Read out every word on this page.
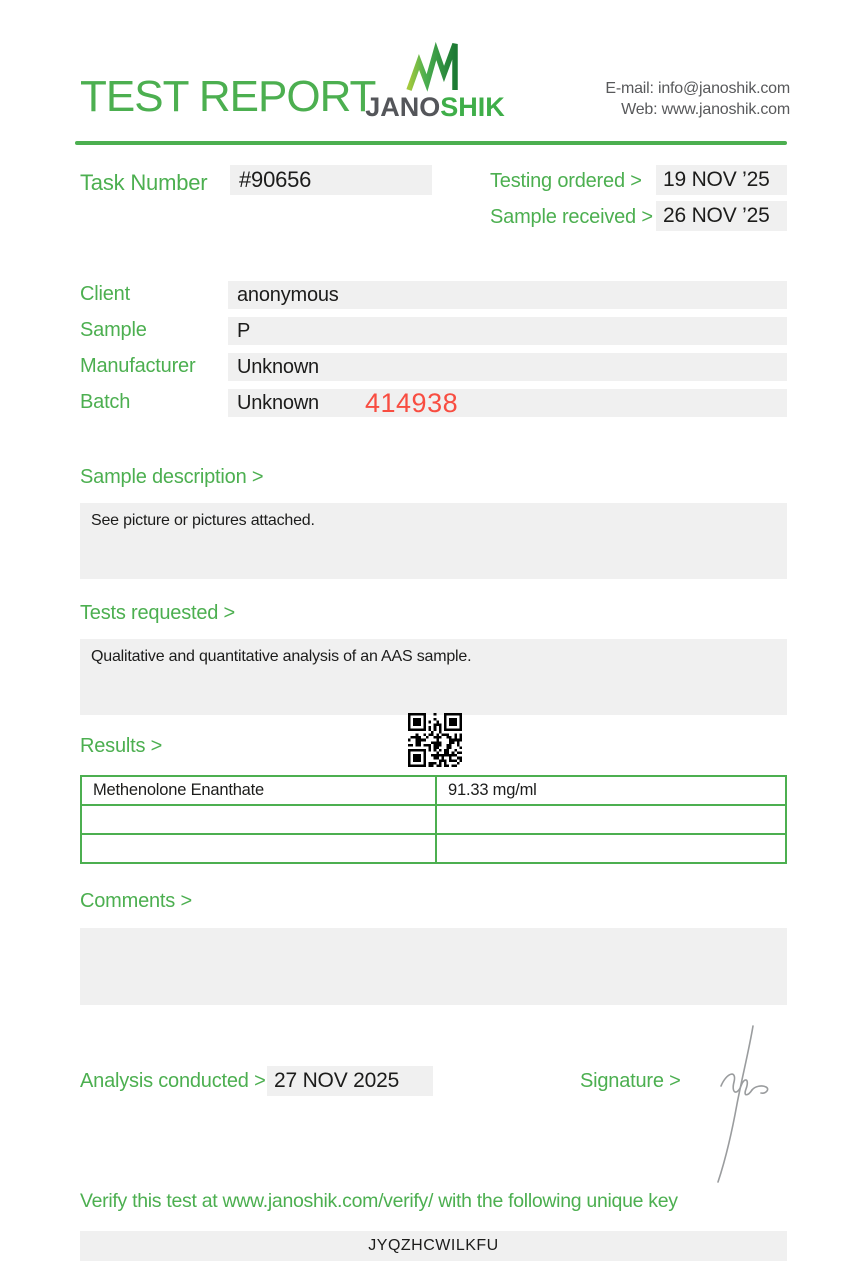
TEST REPORT
JANOSHIK
E-mail: info@janoshik.com
Web: www.janoshik.com
Task Number	#90656	Testing ordered >	19 NOV ’25
Sample received > 26 NOV ’25
Client	anonymous
Sample	P
Manufacturer	Unknown
Batch	Unknown	414938
Sample description >
See picture or pictures attached.
Tests requested >
Qualitative and quantitative analysis of an AAS sample.
Results >
Methenolone Enanthate	91.33 mg/ml

Comments >
Analysis conducted > 27 NOV 2025	Signature >
Verify this test at www.janoshik.com/verify/ with the following unique key
JYQZHCWILKFU
